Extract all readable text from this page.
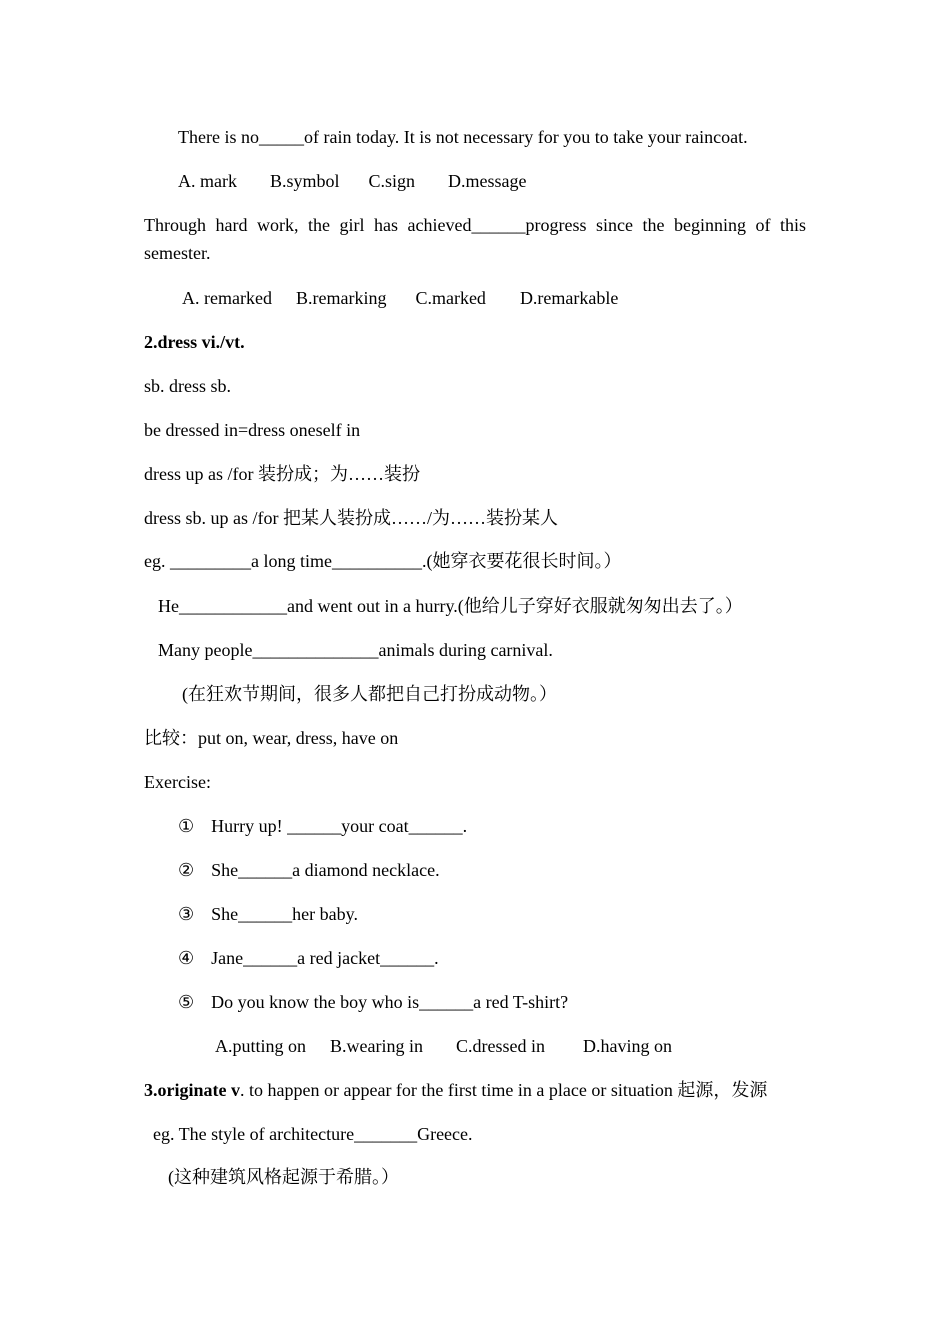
There is no_____of rain today. It is not necessary for you to take your raincoat.
A. mark B.symbol C.sign D.message
Through hard work, the girl has achieved______progress since the beginning of this
semester.
A. remarked B.remarking C.marked D.remarkable
2.dress vi./vt.
sb. dress sb.
be dressed in=dress oneself in
dress up as /for 装扮成；为……装扮
dress sb. up as /for 把某人装扮成……/为……装扮某人
eg. _________a long time__________.(她穿衣要花很长时间。）
He____________and went out in a hurry.(他给儿子穿好衣服就匆匆出去了。）
Many people______________animals during carnival.
(在狂欢节期间，很多人都把自己打扮成动物。）
比较：put on, wear, dress, have on
Exercise:
① Hurry up! ______your coat______.
② She______a diamond necklace.
③ She______her baby.
④ Jane______a red jacket______.
⑤ Do you know the boy who is______a red T-shirt?
A.putting on B.wearing in C.dressed in D.having on
3.originate v. to happen or appear for the first time in a place or situation 起源，发源
eg. The style of architecture_______Greece.
(这种建筑风格起源于希腊。）
